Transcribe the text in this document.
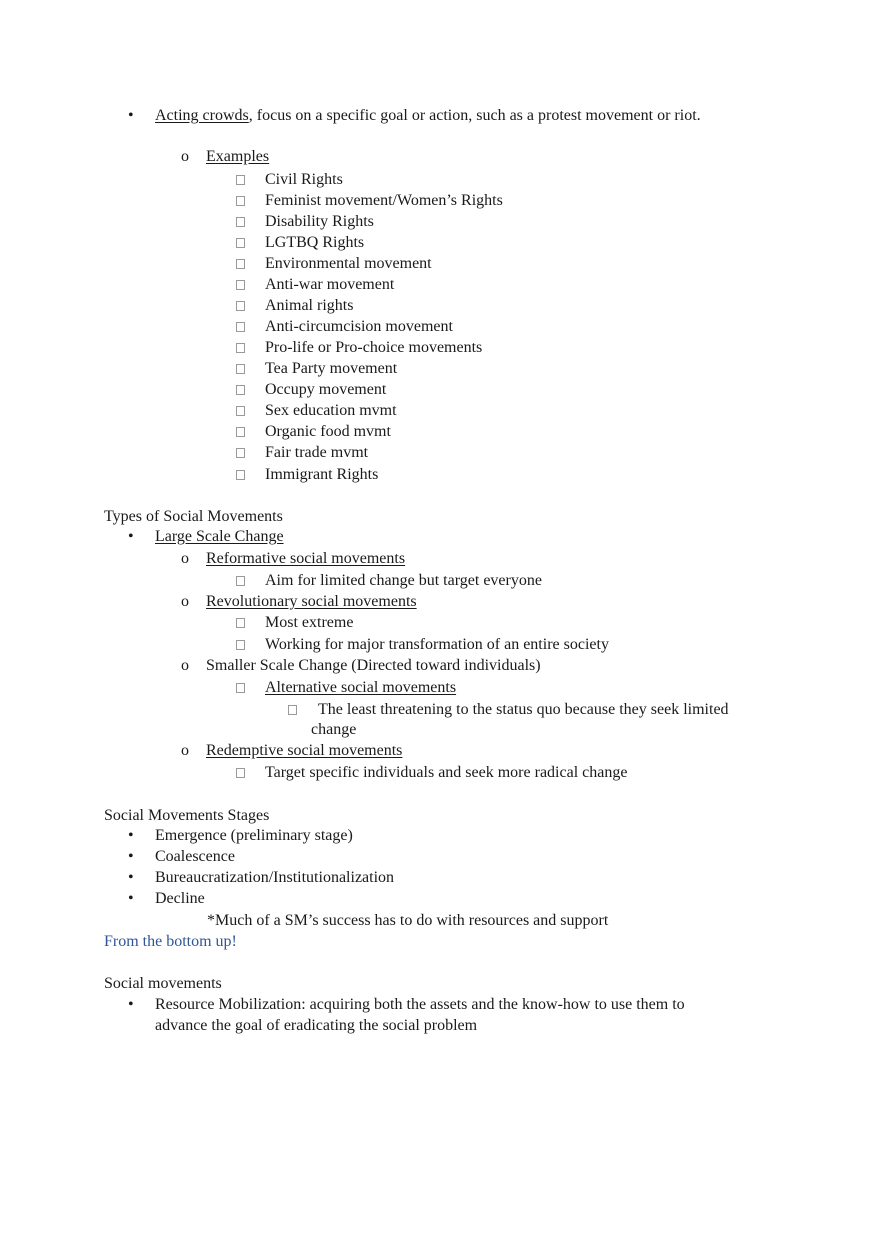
• Acting crowds, focus on a specific goal or action, such as a protest movement or riot.
o Examples
Civil Rights
Feminist movement/Women’s Rights
Disability Rights
LGTBQ Rights
Environmental movement
Anti-war movement
Animal rights
Anti-circumcision movement
Pro-life or Pro-choice movements
Tea Party movement
Occupy movement
Sex education mvmt
Organic food mvmt
Fair trade mvmt
Immigrant Rights
Types of Social Movements
• Large Scale Change
o Reformative social movements
Aim for limited change but target everyone
o Revolutionary social movements
Most extreme
Working for major transformation of an entire society
o Smaller Scale Change (Directed toward individuals)
Alternative social movements
The least threatening to the status quo because they seek limited
change
o Redemptive social movements
Target specific individuals and seek more radical change
Social Movements Stages
• Emergence (preliminary stage)
• Coalescence
• Bureaucratization/Institutionalization
• Decline
*Much of a SM’s success has to do with resources and support
From the bottom up!
Social movements
• Resource Mobilization: acquiring both the assets and the know-how to use them to
advance the goal of eradicating the social problem
